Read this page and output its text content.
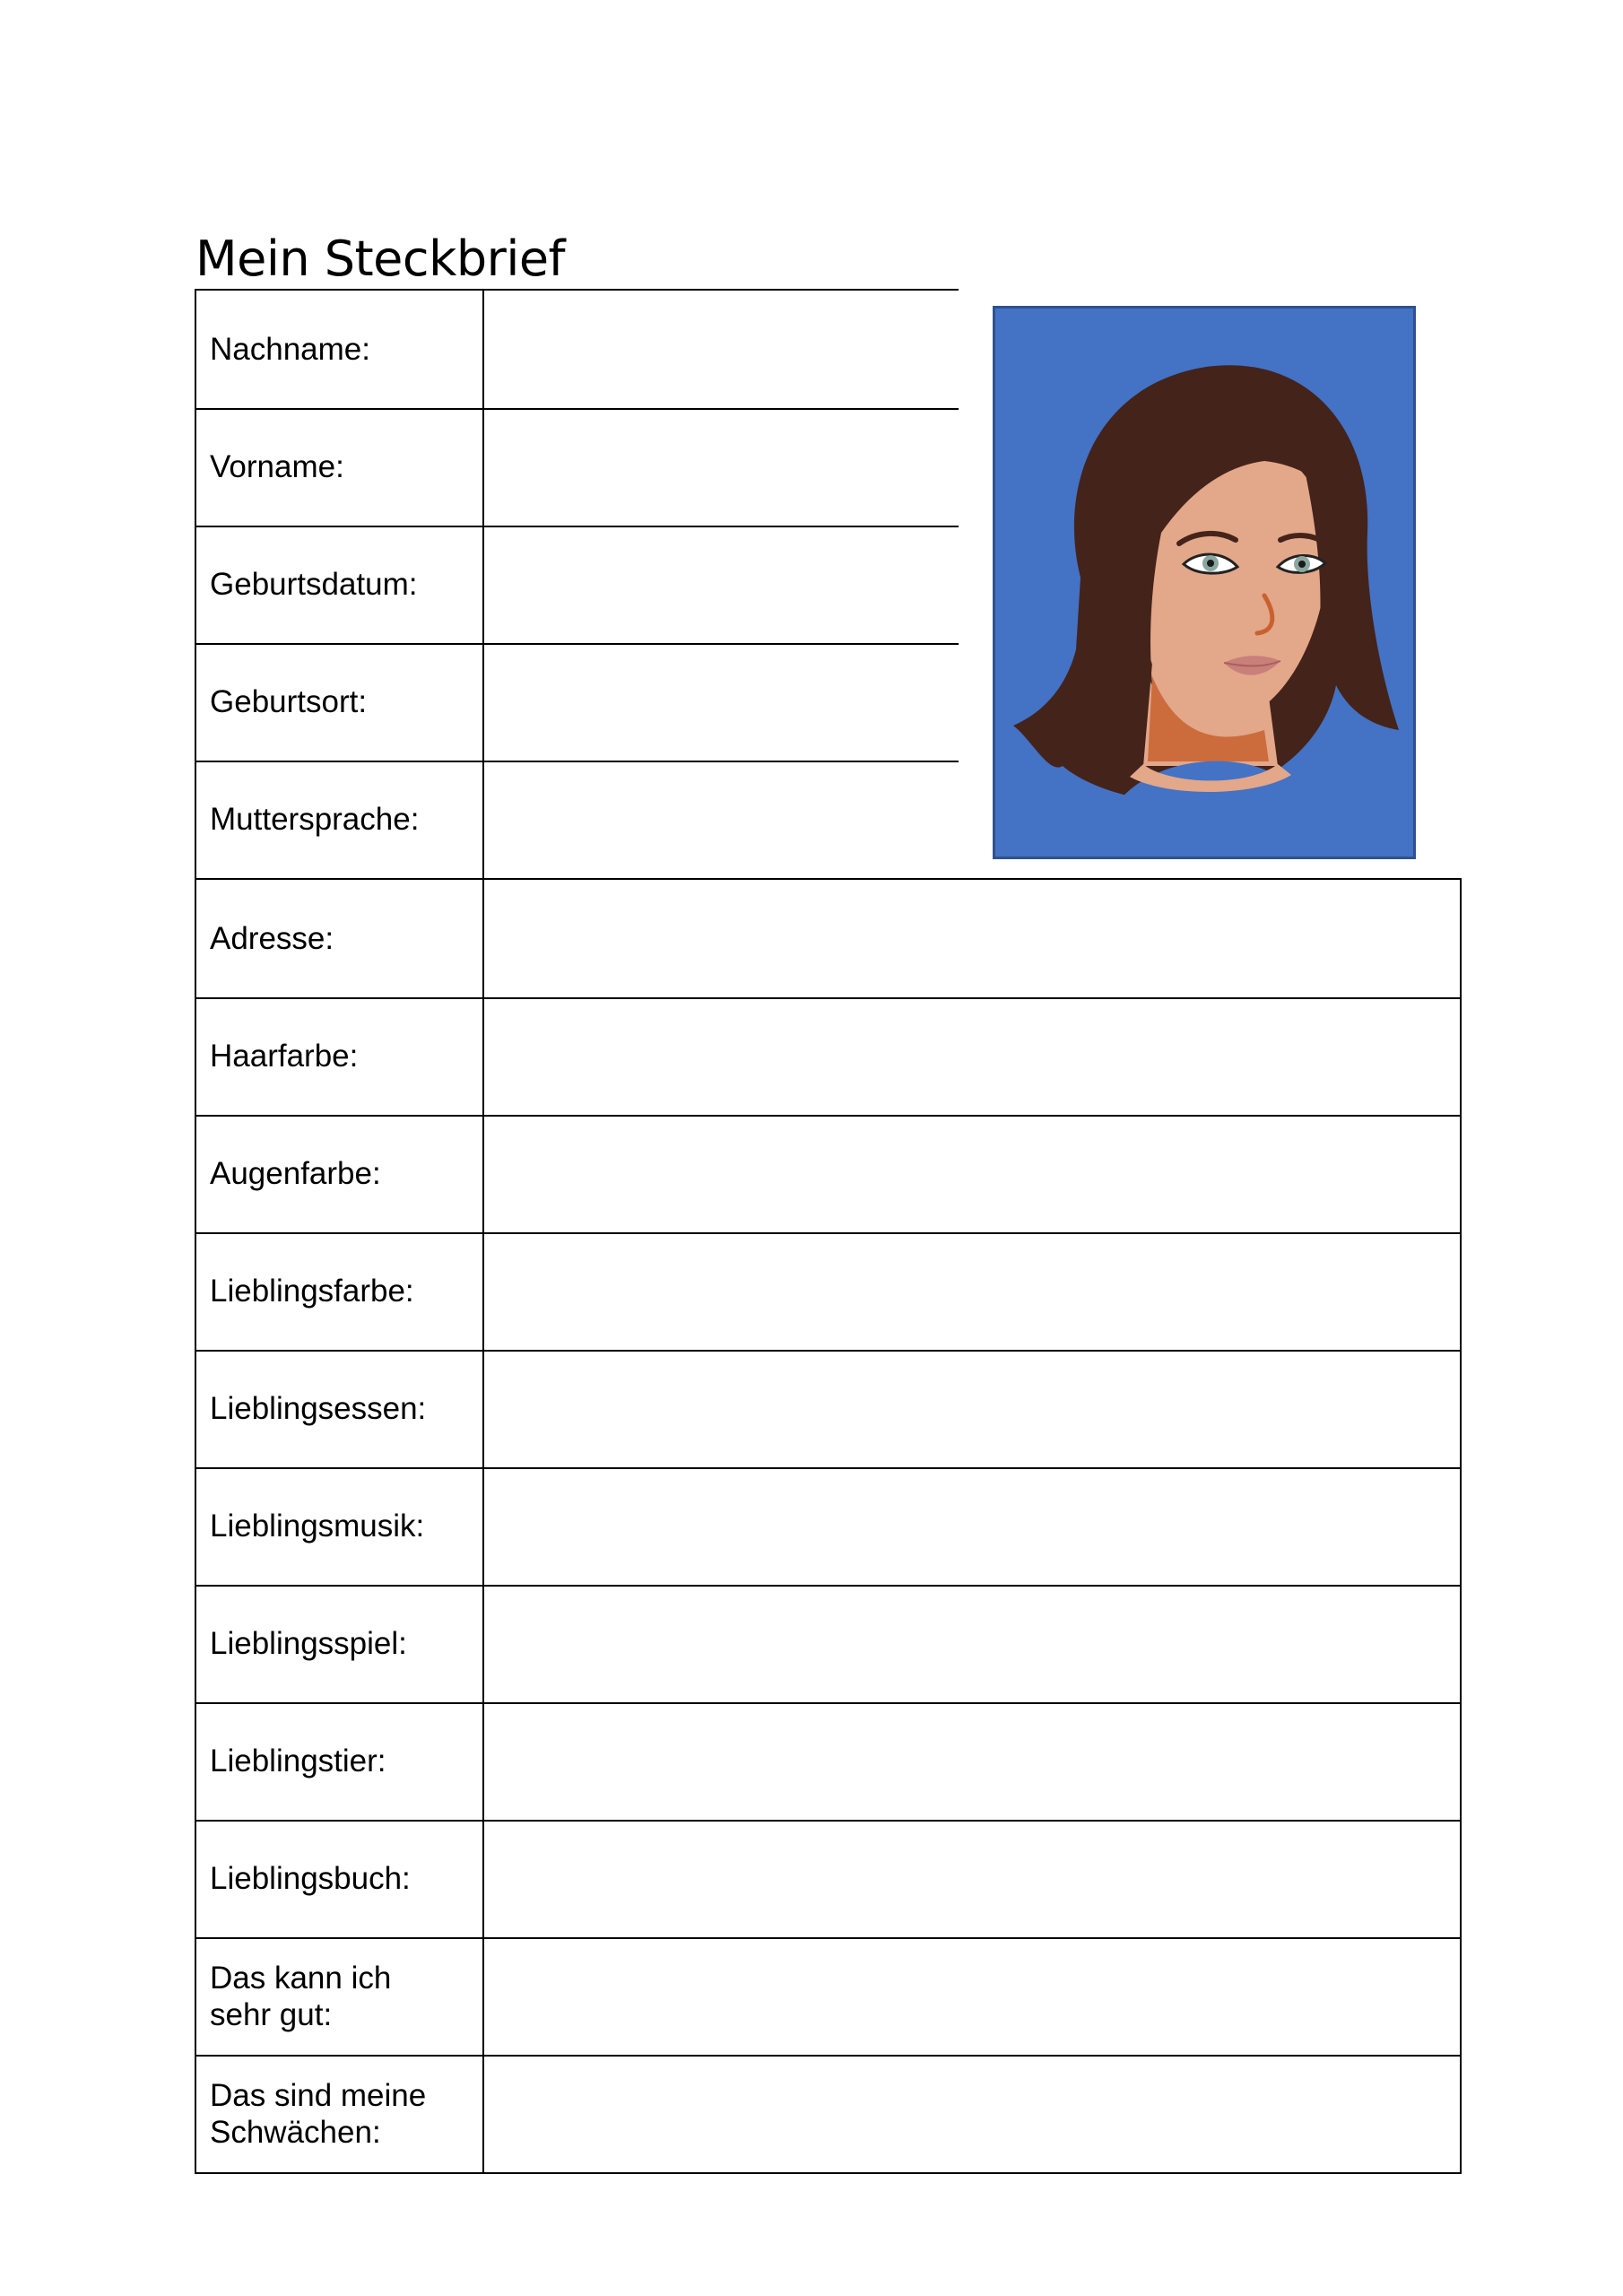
Mein Steckbrief
Nachname:
Vorname:
Geburtsdatum:
Geburtsort:
Muttersprache:
Adresse:
Haarfarbe:
Augenfarbe:
Lieblingsfarbe:
Lieblingsessen:
Lieblingsmusik:
Lieblingsspiel:
Lieblingstier:
Lieblingsbuch:
Das kann ich
sehr gut:
Das sind meine
Schwächen:
